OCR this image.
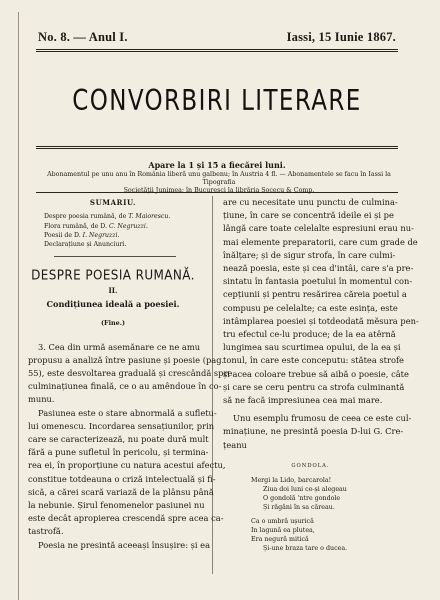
No. 8. — Anul I.	Iassi, 15 Iunie 1867.
CONVORBIRI LITERARE
Apare la 1 și 15 a fiecărei luni.
Abonamentul pe unu anu în România liberă unu galbenu; în Austria 4 fl. — Abonamentele se facu în Iassi la Tipografia
Societății Junimea; în Bucuresci la librăria Socecu & Comp.
SUMARIU.
Despre poesia rumână, de T. Maiorescu.
Flora rumână, de D. C. Negruzzi.
Poesii de D. I. Negruzzi.
Declarațiune și Anunciuri.
DESPRE POESIA RUMANĂ.
II.
Condițiunea ideală a poesiei.
(Fine.)
3. Cea din urmă asemănare ce ne amu
propusu a analiză între pasiune și poesie (pag.
55), este desvoltarea graduală și crescândă spre
culminațiunea finală, ce o au amêndoue în co-
munu.
Pasiunea este o stare abnormală a sufletu-
lui omenescu. Incordarea sensațiunilor, prin
care se caracterizează, nu poate dură mult
fără a pune sufletul în pericolu, și termina-
rea ei, în proporțiune cu natura acestui afectu,
constitue totdeauna o criză intelectuală și fi-
sică, a cărei scară variază de la plânsu până
la nebunie. Șirul fenomenelor pasiunei nu
este decât apropierea crescendă spre acea ca-
tastrofă.
Poesia ne presintă aceeași însușire: și ea
are cu necesitate unu punctu de culmina-
țiune, în care se concentră ideile ei și pe
lângă care toate celelalte espresiuni erau nu-
mai elemente preparatorii, care cum grade de
înălțare; și de sigur strofa, în care culmi-
nează poesia, este și cea d'intâi, care s'a pre-
sintatu în fantasia poetului în momentul con-
cepțiunii și pentru resărirea căreia poetul a
compusu pe celelalte; ca este esința, este
intâmplarea poesiei și totdeodată mĕsura pen-
tru efectul ce-lu produce; de la ea atêrnă
lungimea sau scurtimea opului, de la ea și
tonul, în care este conceputu: stătea strofe
și acea coloare trebue să aibă o poesie, câte
și care se ceru pentru ca strofa culminantă
să ne facă impresiunea cea mai mare.
Unu esemplu frumosu de ceea ce este cul-
minațiune, ne presintă poesia D-lui G. Cre-
țeanu
GONDOLA.
Mergi la Lido, barcarola!
Ziua doi luni ce-și alegeau
O gondolă 'ntre gondole
Și răgăni în sa căreau.
Ca o umbră ușurică
In lagună ea plutea,
Era negură mitică
Și-une braza tare o ducea.
